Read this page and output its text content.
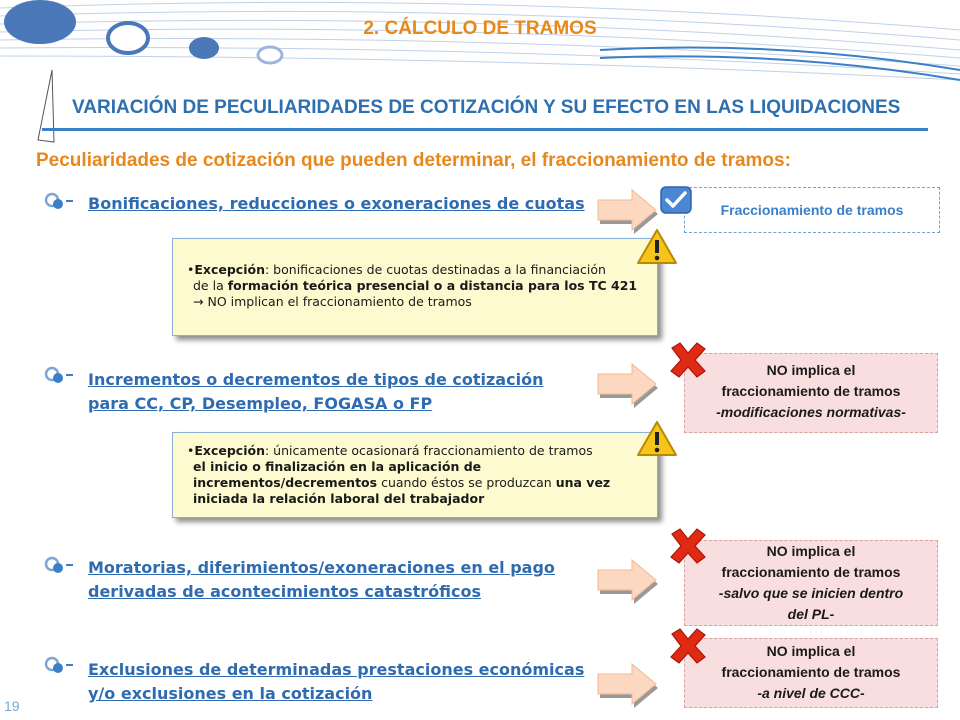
2. CÁLCULO DE TRAMOS
VARIACIÓN DE PECULIARIDADES DE COTIZACIÓN Y SU EFECTO EN LAS LIQUIDACIONES
Peculiaridades de cotización que pueden determinar, el fraccionamiento de tramos:
Bonificaciones, reducciones o exoneraciones de cuotas
Incrementos o decrementos de tipos de cotización
para CC, CP, Desempleo, FOGASA o FP
Moratorias, diferimientos/exoneraciones en el pago
derivadas de acontecimientos catastróficos
Exclusiones de determinadas prestaciones económicas
y/o exclusiones en la cotización
Fraccionamiento de tramos
NO implica el
fraccionamiento de tramos
-modificaciones normativas-
NO implica el
fraccionamiento de tramos
-salvo que se inicien dentro
del PL-
NO implica el
fraccionamiento de tramos
-a nivel de CCC-
•Excepción: bonificaciones de cuotas destinadas a la financiación
de la formación teórica presencial o a distancia para los TC 421
→ NO implican el fraccionamiento de tramos
•Excepción: únicamente ocasionará fraccionamiento de tramos
el inicio o finalización en la aplicación de
incrementos/decrementos cuando éstos se produzcan una vez
iniciada la relación laboral del trabajador
19
